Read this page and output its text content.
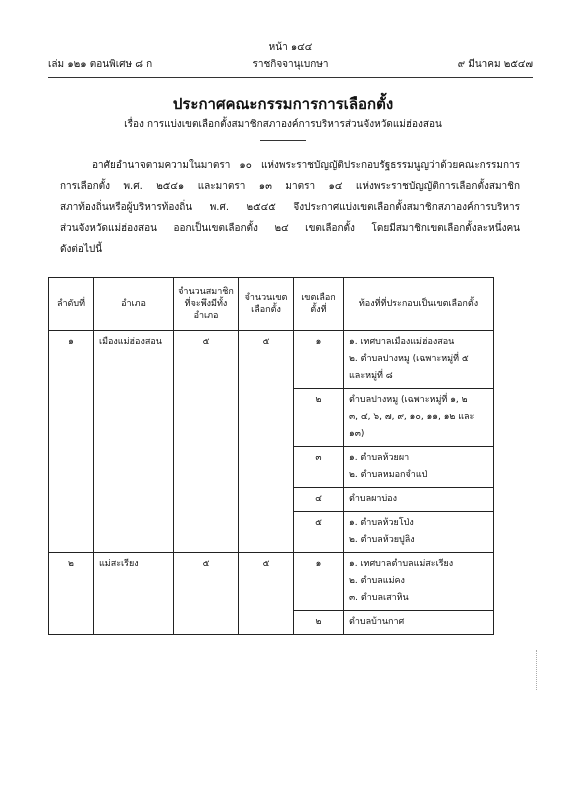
หน้า ๑๔๔
เล่ม ๑๒๑ ตอนพิเศษ ๘ ก	ราชกิจจานุเบกษา	๙ มีนาคม ๒๕๔๗
ประกาศคณะกรรมการการเลือกตั้ง
เรื่อง การแบ่งเขตเลือกตั้งสมาชิกสภาองค์การบริหารส่วนจังหวัดแม่ฮ่องสอน
อาศัยอำนาจตามความในมาตรา ๑๐ แห่งพระราชบัญญัติประกอบรัฐธรรมนูญว่าด้วยคณะกรรมการ
การเลือกตั้ง พ.ศ. ๒๕๔๑ และมาตรา ๑๓ มาตรา ๑๔ แห่งพระราชบัญญัติการเลือกตั้งสมาชิก
สภาท้องถิ่นหรือผู้บริหารท้องถิ่น พ.ศ. ๒๕๔๕ จึงประกาศแบ่งเขตเลือกตั้งสมาชิกสภาองค์การบริหาร
ส่วนจังหวัดแม่ฮ่องสอน ออกเป็นเขตเลือกตั้ง ๒๔ เขตเลือกตั้ง โดยมีสมาชิกเขตเลือกตั้งละหนึ่งคน
ดังต่อไปนี้
ลำดับที่	อำเภอ	จำนวนสมาชิกที่จะพึงมีทั้งอำเภอ	จำนวนเขตเลือกตั้ง	เขตเลือกตั้งที่	ท้องที่ที่ประกอบเป็นเขตเลือกตั้ง
๑	เมืองแม่ฮ่องสอน	๕	๕	๑	๑. เทศบาลเมืองแม่ฮ่องสอน
๒. ตำบลปางหมู (เฉพาะหมู่ที่ ๕
และหมู่ที่ ๘

				๒	ตำบลปางหมู (เฉพาะหมู่ที่ ๑, ๒
๓, ๔, ๖, ๗, ๙, ๑๐, ๑๑, ๑๒ และ
๑๓)

				๓	๑. ตำบลห้วยผา
๒. ตำบลหมอกจำแป่

				๔	ตำบลผาบ่อง

				๕	๑. ตำบลห้วยโป่ง
๒. ตำบลห้วยปูลิง

๒	แม่สะเรียง	๕	๕	๑	๑. เทศบาลตำบลแม่สะเรียง
๒. ตำบลแม่คง
๓. ตำบลเสาหิน

				๒	ตำบลบ้านกาศ
